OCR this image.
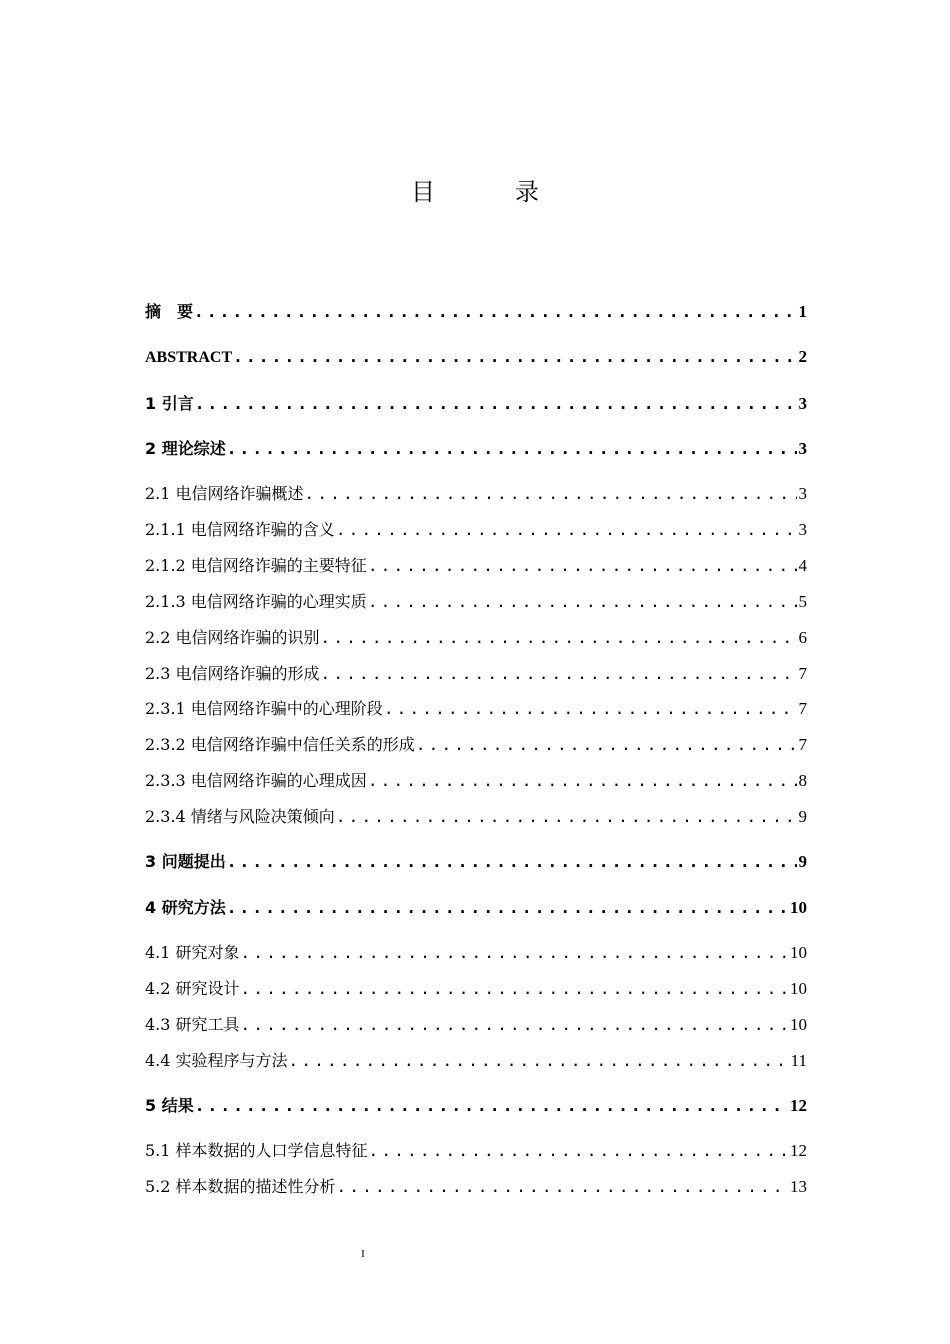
目　录
摘　要 .....	1
ABSTRACT .....	2
1 引言 .....	3
2 理论综述 .....	3
2.1 电信网络诈骗概述 .....	3
2.1.1 电信网络诈骗的含义 .....	3
2.1.2 电信网络诈骗的主要特征 .....	4
2.1.3 电信网络诈骗的心理实质 .....	5
2.2 电信网络诈骗的识别 .....	6
2.3 电信网络诈骗的形成 .....	7
2.3.1 电信网络诈骗中的心理阶段 .....	7
2.3.2 电信网络诈骗中信任关系的形成 .....	7
2.3.3 电信网络诈骗的心理成因 .....	8
2.3.4 情绪与风险决策倾向 .....	9
3 问题提出 .....	9
4 研究方法 .....	10
4.1 研究对象 .....	10
4.2 研究设计 .....	10
4.3 研究工具 .....	10
4.4 实验程序与方法 .....	11
5 结果 .....	12
5.1 样本数据的人口学信息特征 .....	12
5.2 样本数据的描述性分析 .....	13
I
